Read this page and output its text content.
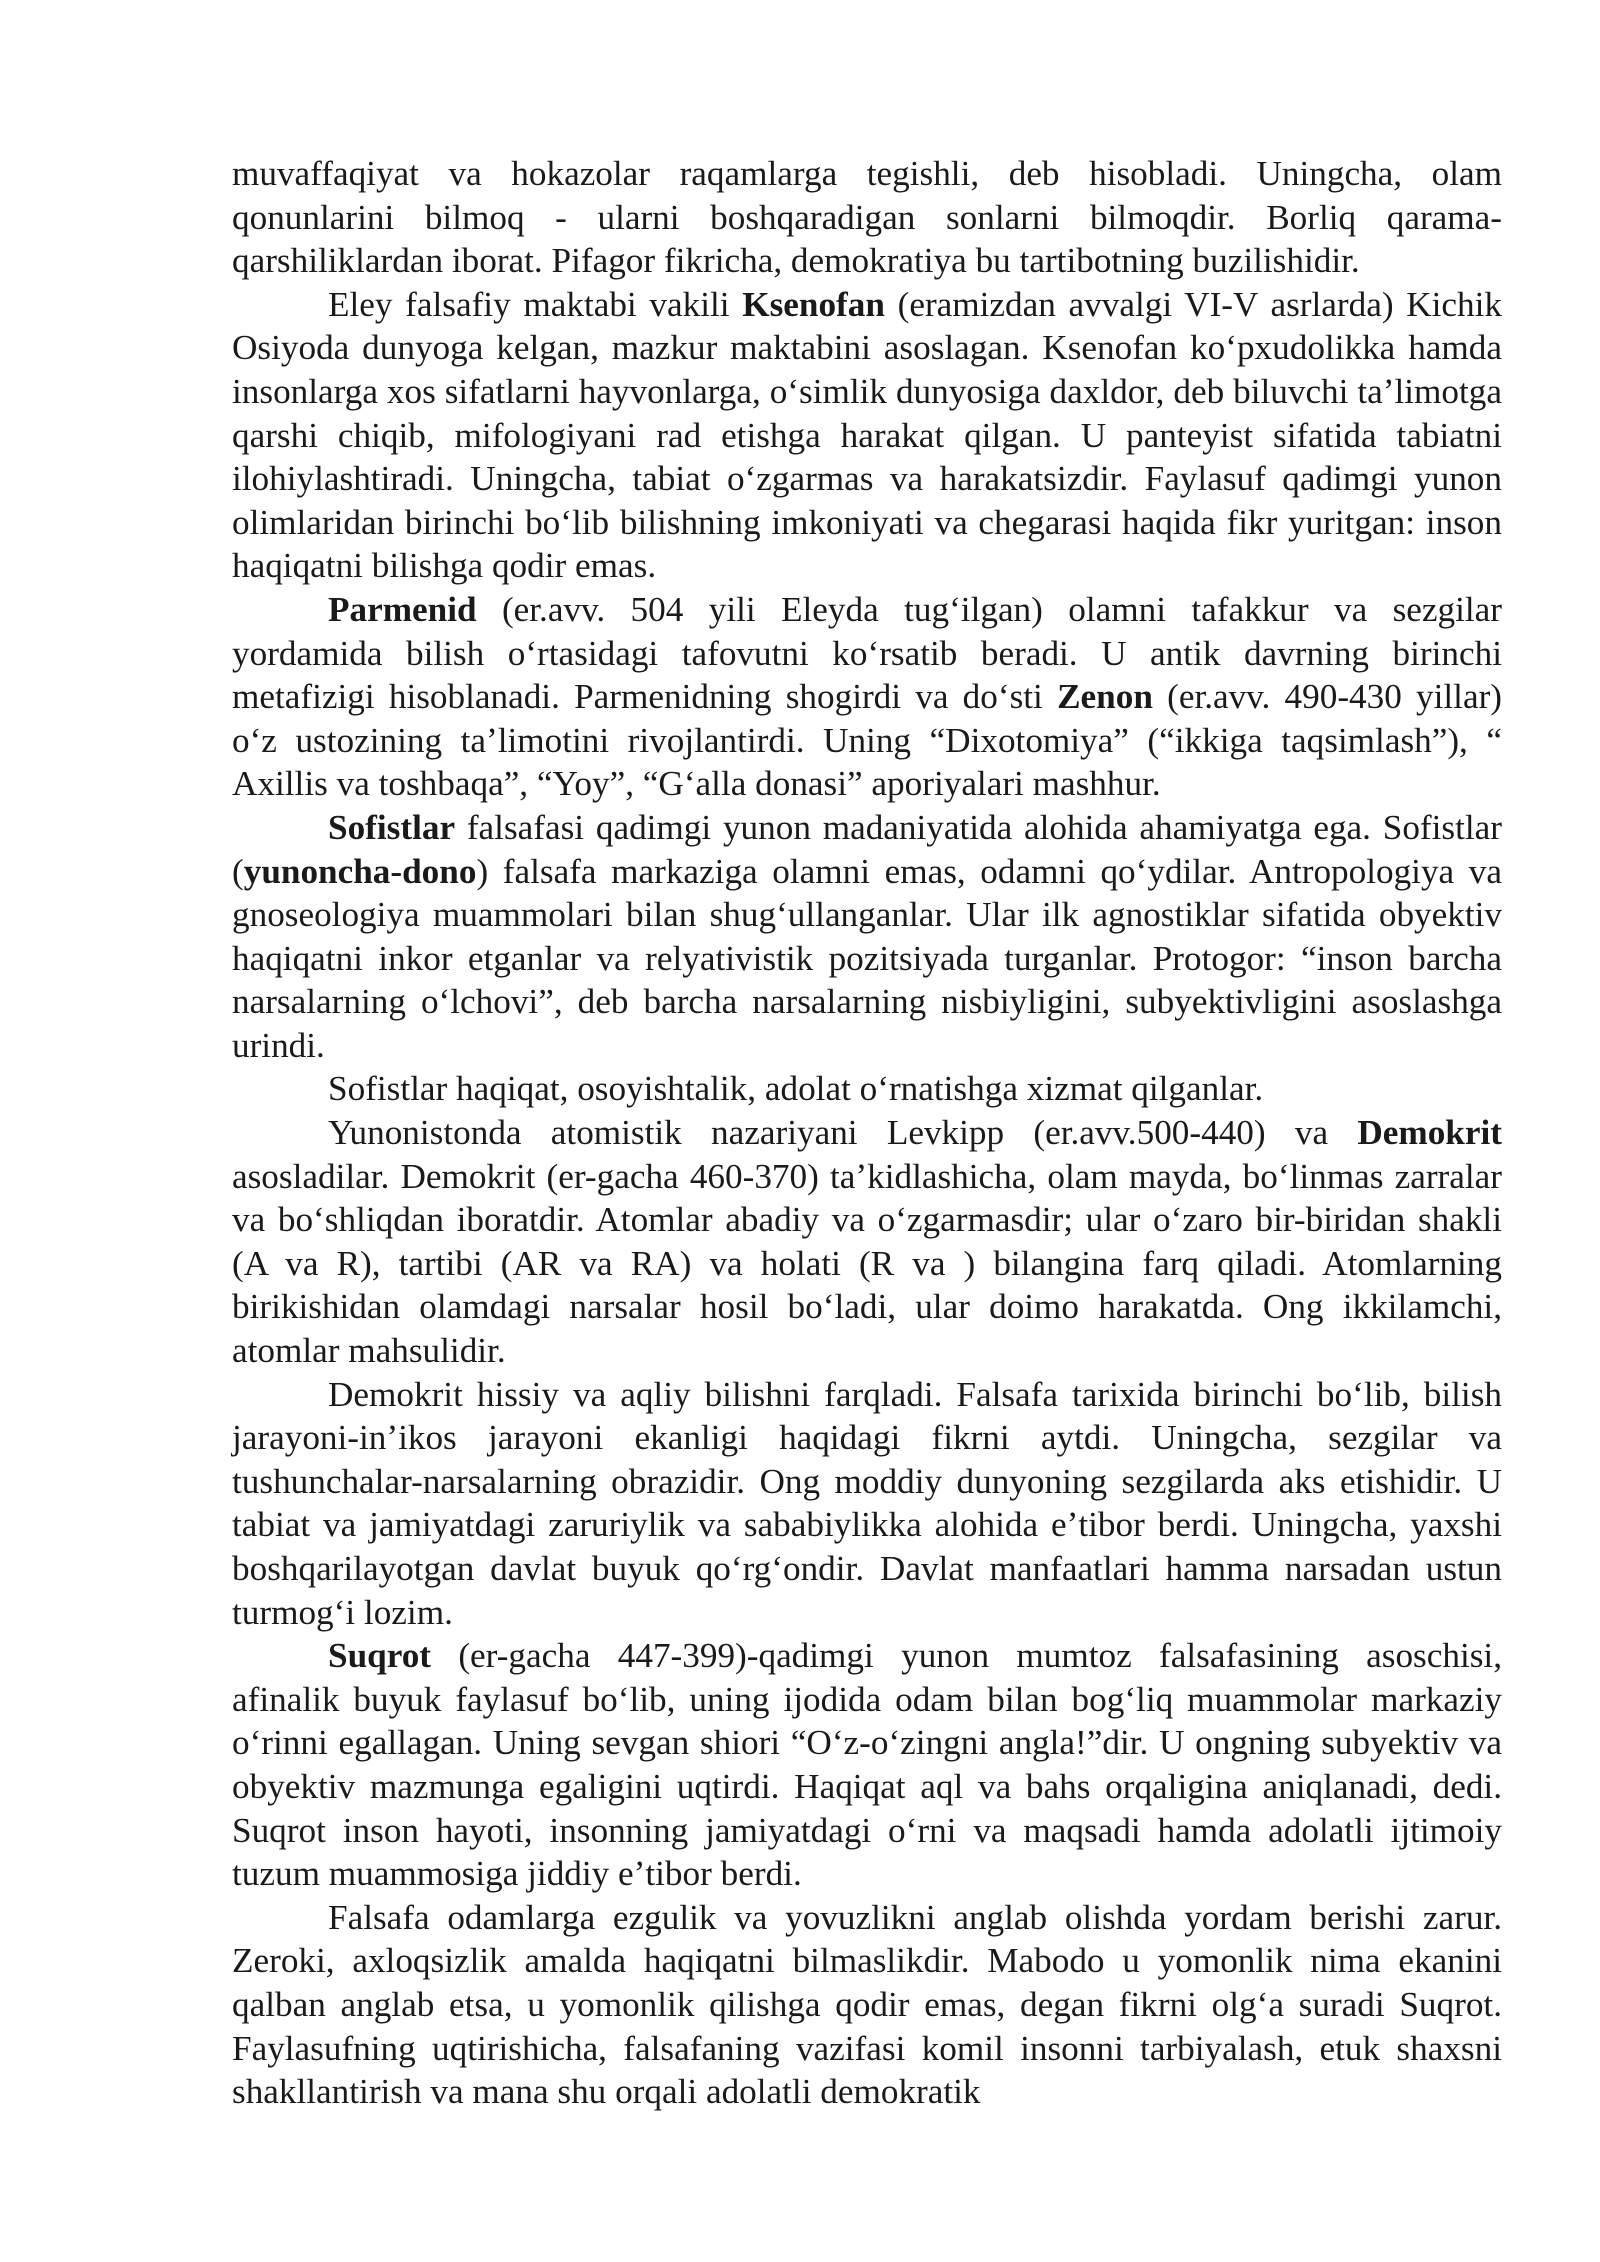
muvaffaqiyat va hokazolar raqamlarga tegishli, deb hisobladi. Uningcha, olam qonunlarini bilmoq - ularni boshqaradigan sonlarni bilmoqdir. Borliq qarama-qarshiliklardan iborat. Pifagor fikricha, demokratiya bu tartibotning buzilishidir.

Eley falsafiy maktabi vakili Ksenofan (eramizdan avvalgi VI-V asrlarda) Kichik Osiyoda dunyoga kelgan, mazkur maktabini asoslagan. Ksenofan koʻpxudolikka hamda insonlarga xos sifatlarni hayvonlarga, oʻsimlik dunyosiga daxldor, deb biluvchi taʼlimotga qarshi chiqib, mifologiyani rad etishga harakat qilgan. U panteyist sifatida tabiatni ilohiylashtiradi. Uningcha, tabiat oʻzgarmas va harakatsizdir. Faylasuf qadimgi yunon olimlaridan birinchi boʻlib bilishning imkoniyati va chegarasi haqida fikr yuritgan: inson haqiqatni bilishga qodir emas.

Parmenid (er.avv. 504 yili Eleyda tugʻilgan) olamni tafakkur va sezgilar yordamida bilish oʻrtasidagi tafovutni koʻrsatib beradi. U antik davrning birinchi metafizigi hisoblanadi. Parmenidning shogirdi va doʻsti Zenon (er.avv. 490-430 yillar) oʻz ustozining taʼlimotini rivojlantirdi. Uning “Dixotomiya” (“ikkiga taqsimlash”), “ Axillis va toshbaqa”, “Yoy”, “Gʻalla donasi” aporiyalari mashhur.

Sofistlar falsafasi qadimgi yunon madaniyatida alohida ahamiyatga ega. Sofistlar (yunoncha-dono) falsafa markaziga olamni emas, odamni qoʻydilar. Antropologiya va gnoseologiya muammolari bilan shugʻullanganlar. Ular ilk agnostiklar sifatida obyektiv haqiqatni inkor etganlar va relyativistik pozitsiyada turganlar. Protogor: “inson barcha narsalarning oʻlchovi”, deb barcha narsalarning nisbiyligini, subyektivligini asoslashga urindi.

Sofistlar haqiqat, osoyishtalik, adolat oʻrnatishga xizmat qilganlar.

Yunonistonda atomistik nazariyani Levkipp (er.avv.500-440) va Demokrit asosladilar. Demokrit (er-gacha 460-370) taʼkidlashicha, olam mayda, boʻlinmas zarralar va boʻshliqdan iboratdir. Atomlar abadiy va oʻzgarmasdir; ular oʻzaro bir-biridan shakli (A va R), tartibi (AR va RA) va holati (R va ) bilangina farq qiladi. Atomlarning birikishidan olamdagi narsalar hosil boʻladi, ular doimo harakatda. Ong ikkilamchi, atomlar mahsulidir.

Demokrit hissiy va aqliy bilishni farqladi. Falsafa tarixida birinchi boʻlib, bilish jarayoni-inʼikos jarayoni ekanligi haqidagi fikrni aytdi. Uningcha, sezgilar va tushunchalar-narsalarning obrazidir. Ong moddiy dunyoning sezgilarda aks etishidir. U tabiat va jamiyatdagi zaruriylik va sababiylikka alohida eʼtibor berdi. Uningcha, yaxshi boshqarilayotgan davlat buyuk qoʻrgʻondir. Davlat manfaatlari hamma narsadan ustun turmogʻi lozim.

Suqrot (er-gacha 447-399)-qadimgi yunon mumtoz falsafasining asoschisi, afinalik buyuk faylasuf boʻlib, uning ijodida odam bilan bogʻliq muammolar markaziy oʻrinni egallagan. Uning sevgan shiori “Oʻz-oʻzingni angla!”dir. U ongning subyektiv va obyektiv mazmunga egaligini uqtirdi. Haqiqat aql va bahs orqaligina aniqlanadi, dedi. Suqrot inson hayoti, insonning jamiyatdagi oʻrni va maqsadi hamda adolatli ijtimoiy tuzum muammosiga jiddiy eʼtibor berdi.

Falsafa odamlarga ezgulik va yovuzlikni anglab olishda yordam berishi zarur. Zeroki, axloqsizlik amalda haqiqatni bilmaslikdir. Mabodo u yomonlik nima ekanini qalban anglab etsa, u yomonlik qilishga qodir emas, degan fikrni olgʻa suradi Suqrot. Faylasufning uqtirishicha, falsafaning vazifasi komil insonni tarbiyalash, etuk shaxsni shakllantirish va mana shu orqali adolatli demokratik
